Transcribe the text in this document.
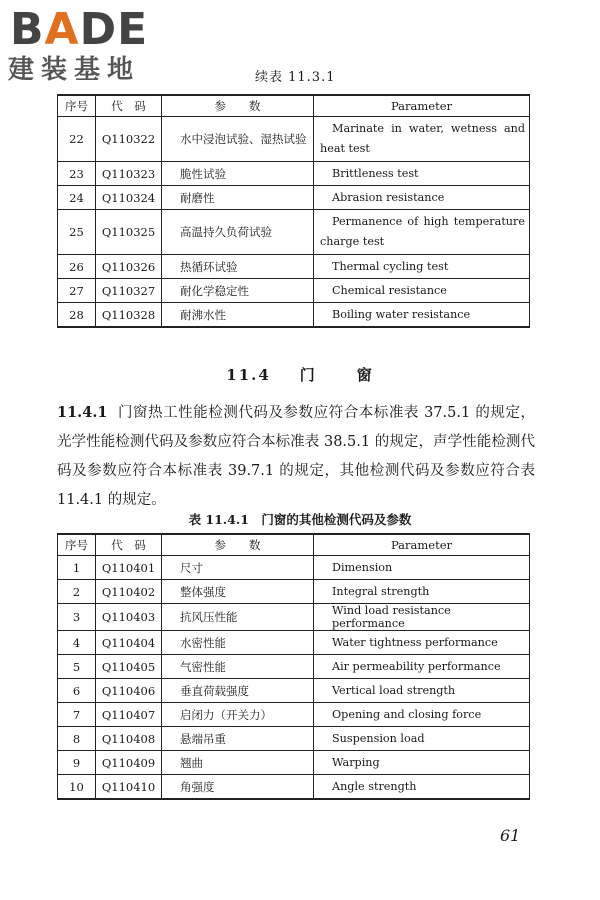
BADE
建装基地	续表 11.3.1
序号	代　码	参　　数	Parameter
22	Q110322	水中浸泡试验、湿热试验	Marinate in water, wetness and heat test
23	Q110323	脆性试验	Brittleness test
24	Q110324	耐磨性	Abrasion resistance
25	Q110325	高温持久负荷试验	Permanence of high temperature charge test
26	Q110326	热循环试验	Thermal cycling test
27	Q110327	耐化学稳定性	Chemical resistance
28	Q110328	耐沸水性	Boiling water resistance
11.4 门	窗
11.4.1 门窗热工性能检测代码及参数应符合本标准表 37.5.1 的规定，光学性能检测代码及参数应符合本标准表 38.5.1 的规定，声学性能检测代码及参数应符合本标准表 39.7.1 的规定，其他检测代码及参数应符合表 11.4.1 的规定。
表 11.4.1　门窗的其他检测代码及参数
序号	代　码	参　　数	Parameter
1	Q110401	尺寸	Dimension
2	Q110402	整体强度	Integral strength
3	Q110403	抗风压性能	Wind load resistance performance
4	Q110404	水密性能	Water tightness performance
5	Q110405	气密性能	Air permeability performance
6	Q110406	垂直荷载强度	Vertical load strength
7	Q110407	启闭力（开关力）	Opening and closing force
8	Q110408	悬端吊重	Suspension load
9	Q110409	翘曲	Warping
10	Q110410	角强度	Angle strength
61
